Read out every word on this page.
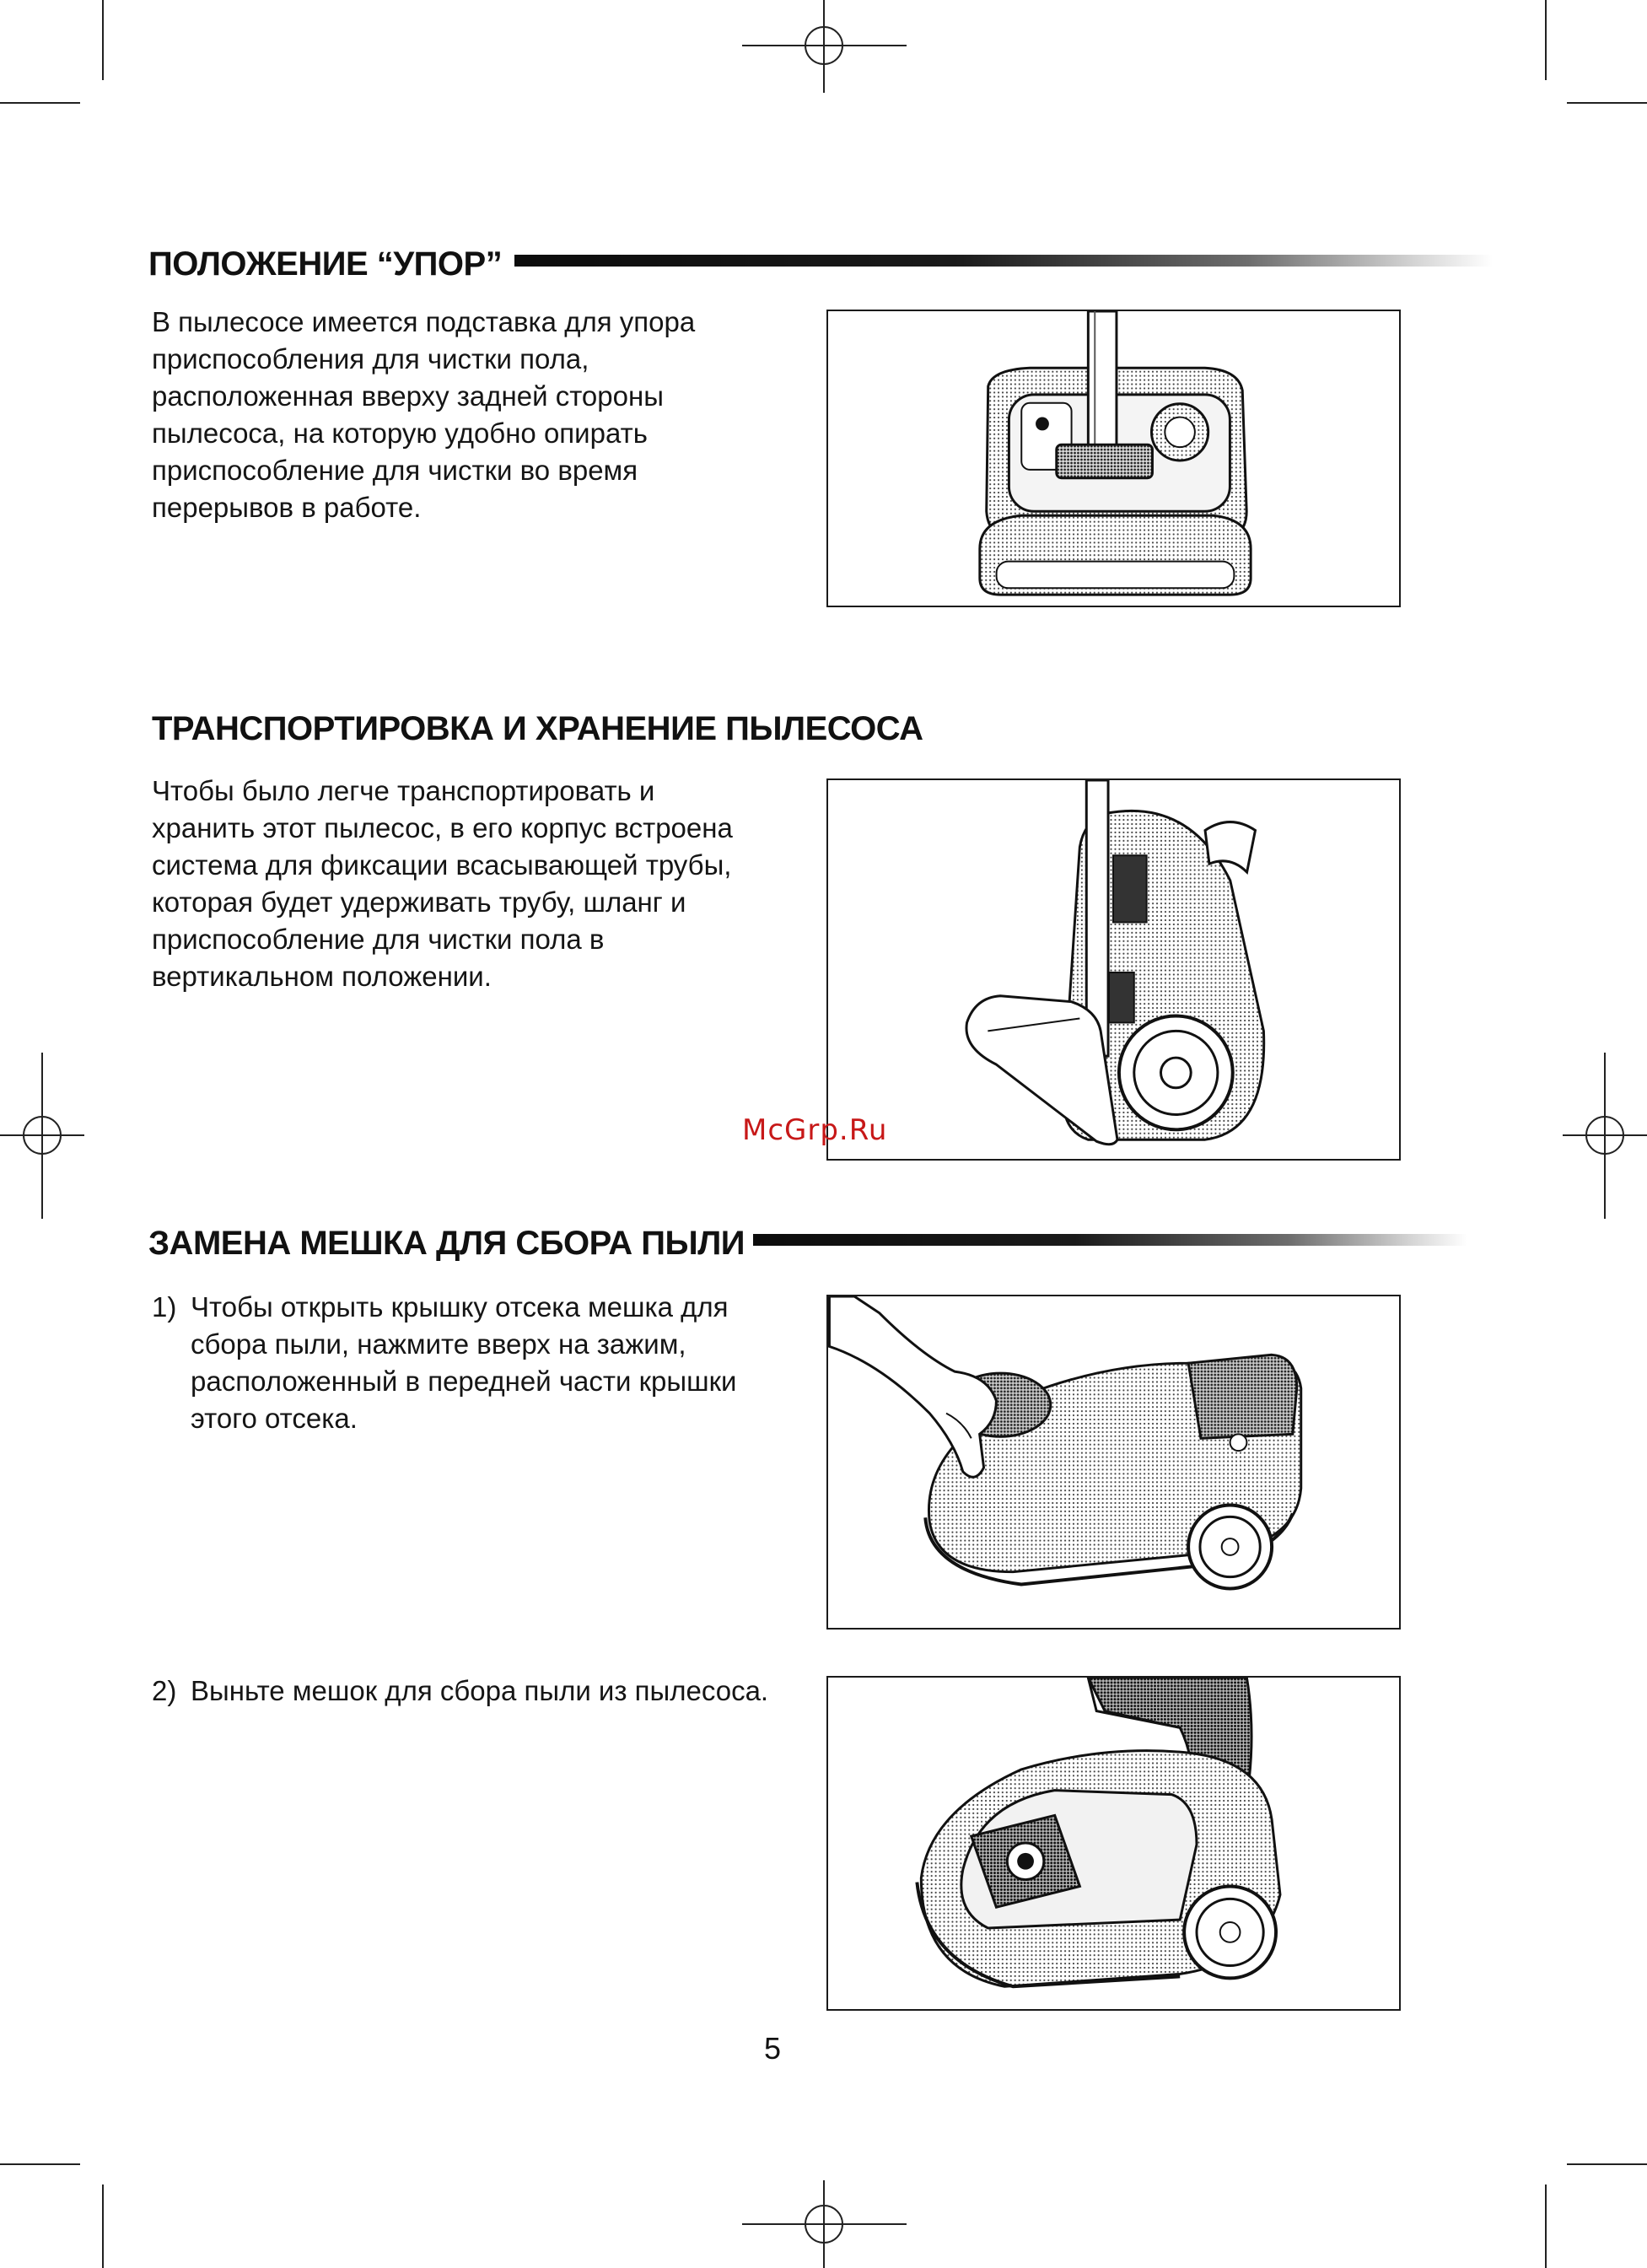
ПОЛОЖЕНИЕ “УПОР”
В пылесосе имеется подставка для упора
приспособления для чистки пола,
расположенная вверху задней стороны
пылесоса, на которую удобно опирать
приспособление для чистки во время
перерывов в работе.
ТРАНСПОРТИРОВКА И ХРАНЕНИЕ ПЫЛЕСОСА
Чтобы было легче транспортировать и
хранить этот пылесос, в его корпус встроена
система для фиксации всасывающей трубы,
которая будет удерживать трубу, шланг и
приспособление для чистки пола в
вертикальном положении.
McGrp.Ru
ЗАМЕНА МЕШКА ДЛЯ СБОРА ПЫЛИ
1) Чтобы открыть крышку отсека мешка для
сбора пыли, нажмите вверх на зажим,
расположенный в передней части крышки
этого отсека.
2) Выньте мешок для сбора пыли из пылесоса.
5
